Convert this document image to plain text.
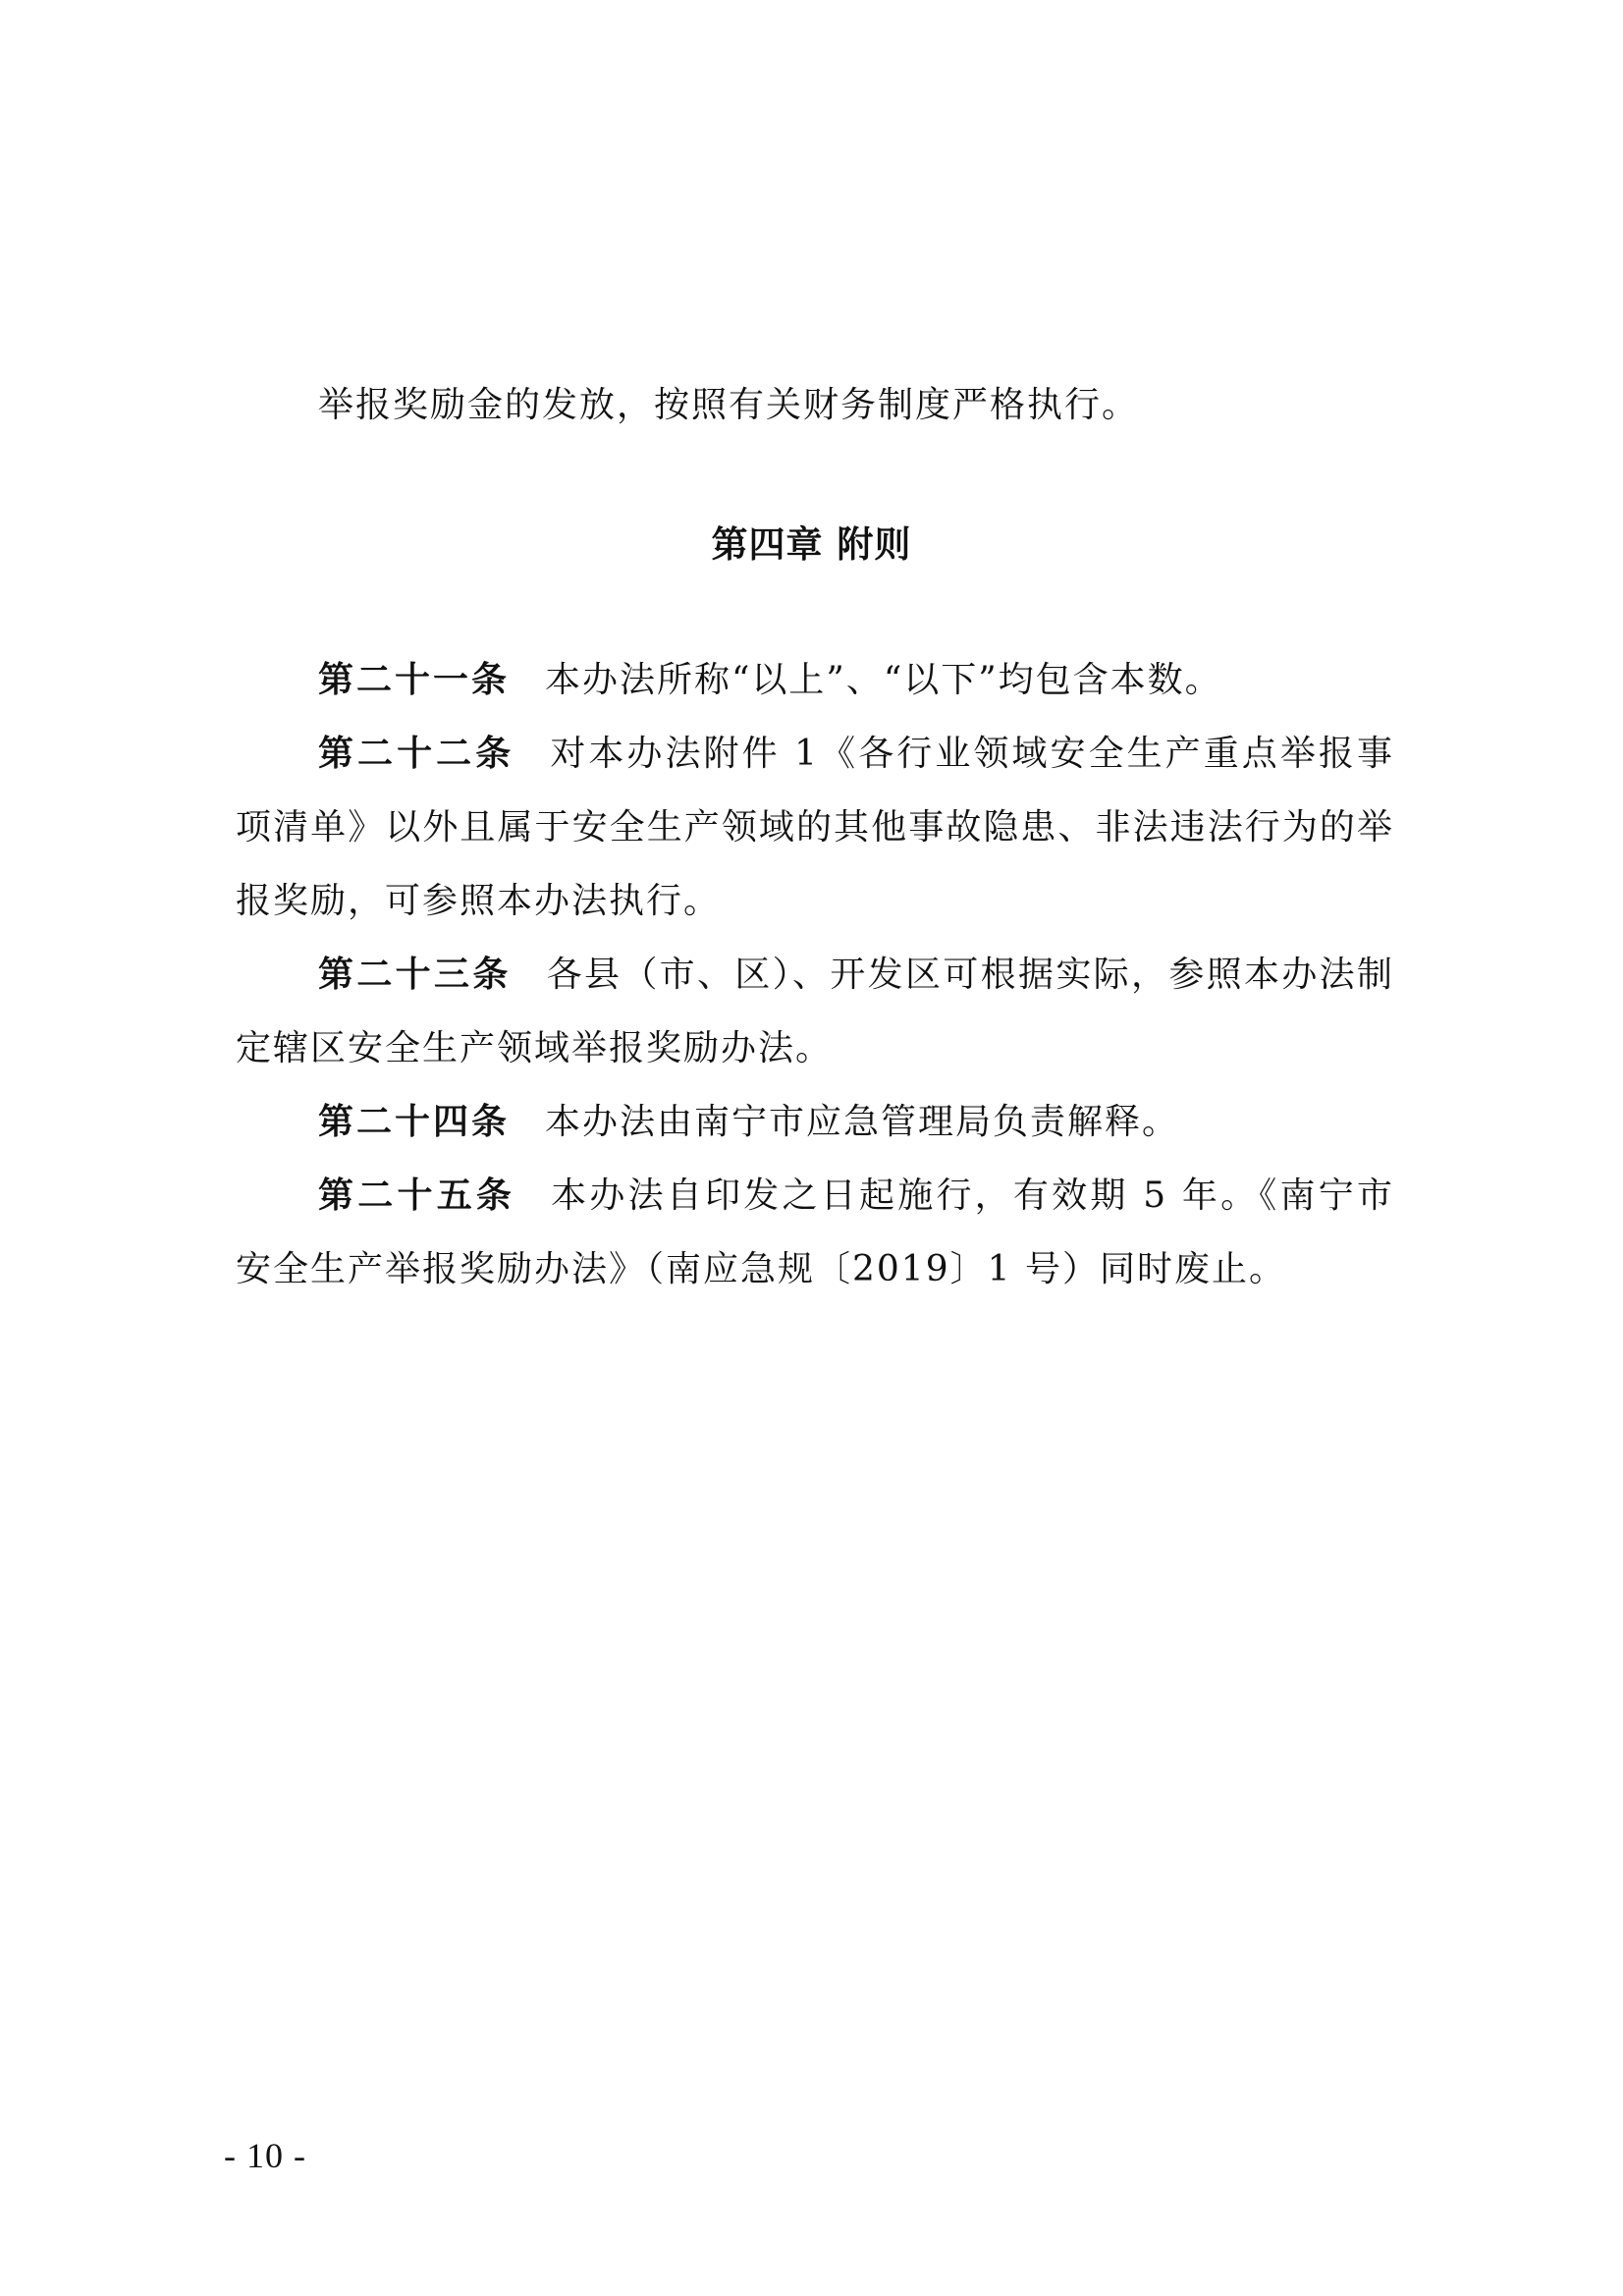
举报奖励金的发放，按照有关财务制度严格执行。

第四章 附则

第二十一条 本办法所称“以上”、“以下”均包含本数。

第二十二条 对本办法附件 1《各行业领域安全生产重点举报事项清单》以外且属于安全生产领域的其他事故隐患、非法违法行为的举报奖励，可参照本办法执行。

第二十三条 各县（市、区）、开发区可根据实际，参照本办法制定辖区安全生产领域举报奖励办法。

第二十四条 本办法由南宁市应急管理局负责解释。

第二十五条 本办法自印发之日起施行，有效期 5 年。《南宁市安全生产举报奖励办法》（南应急规〔2019〕1 号）同时废止。

- 10 -
